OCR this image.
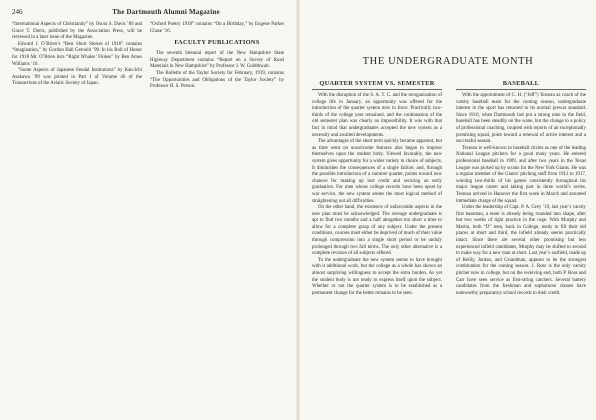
246	The Dartmouth Alumni Magazine

“International Aspects of Christianity” by Osora S. Davis ’89 and Grace T. Davis, published by the Association Press, will be reviewed in a later issue of the Magazine.

Edward J. O’Brien’s “Best Short Stories of 1916” contains “Imagination,” by Gordon Hall Gerould ’99. In his Roll of Honor for 1918 Mr. O’Brien lists “Right Whales’ Flukes” by Ben Ames Williams ’10.

“Some Aspects of Japanese Feudal Institutions” by Kan-Ichi Asakawa ’99 was printed in Part I of Volume 46 of the Transactions of the Asiatic Society of Japan.

“Oxford Poetry 1918” contains “On a Birthday,” by Eugene Parker Chase ’16.

FACULTY PUBLICATIONS

The seventh biennial report of the New Hampshire State Highway Department contains “Report on a Survey of Road Materials in New Hampshire” by Professor J. W. Goldthwait.

The Bulletin of the Taylor Society for February, 1919, contains “The Opportunities and Obligations of the Taylor Society” by Professor H. S. Person.

THE UNDERGRADUATE MONTH
QUARTER SYSTEM VS. SEMESTER

With the disruption of the S. A. T. C. and the reorganization of college life in January, an opportunity was offered for the introduction of the quarter system now in force. Practically two-thirds of the college year remained, and the continuation of the old semester plan was clearly an impossibility. It was with that fact in mind that undergraduates accepted the new system as a necessity and awaited developments.

The advantages of the short term quickly became apparent, but as time went on unwelcome features also began to impress themselves upon the student body. Viewed favorably, the new system gives opportunity for a wider variety in choice of subjects. It diminishes the consequences of a single failure, and, through the possible introduction of a summer quarter, points toward new chances for making up lost credit and securing an early graduation. For men whose college records have been upset by war service, the new system seems the most logical method of straightening out all difficulties.

On the other hand, the existence of unfavorable aspects in the new plan must be acknowledged. The average undergraduate is apt to find two months and a half altogether too short a time to allow for a complete grasp of any subject. Under the present conditions, courses must either be deprived of much of their value through compression into a single short period or be unduly prolonged through two full terms. The only other alternative is a complete revision of all subjects offered.

To the undergraduate the new system seems to have brought with it additional work, but the college as a whole has shown an almost surprising willingness to accept the extra burden. As yet the student body is not ready to express itself upon the subject. Whether or not the quarter system is to be established as a permanent change for the better remains to be seen.

BASEBALL

With the appointment of C. H. (“Jeff”) Tesreau as coach of the varsity baseball team for the coming season, undergraduate interest in the sport has returned to its normal prewar standard. Since 1916, when Dartmouth last put a strong nine in the field, baseball has been steadily on the wane, but the change to a policy of professional coaching, coupled with reports of an exceptionally promising squad, point toward a renewal of active interest and a successful season.

Tesreau is well-known in baseball circles as one of the leading National League pitchers for a good many years. He entered professional baseball in 1909, and after two years in the Texas League was picked up by scouts for the New York Giants. He was a regular member of the Giants’ pitching staff from 1912 to 1917, winning two-thirds of his games consistently throughout his major league career and taking part in three world’s series. Tesreau arrived in Hanover the first week in March and assumed immediate charge of the squad.

Under the leadership of Capt. P. A. Grey ’19, last year’s varsity first baseman, a team is already being rounded into shape, after but two weeks of light practice in the cage. With Murphy and Martin, both “D” men, back in College, ready to fill their old places at short and third, the infield already seems practically intact. Since there are several other promising but less experienced infield candidates, Murphy may be shifted to second to make way for a new man at short. Last year’s outfield, made up of Reilly, Jordan, and Grundman, appears to be the strongest combination for the coming season. J. Ross is the only varsity pitcher now in college, but on the receiving end, both P. Ross and Carr have seen service as first-string catchers. Several battery candidates from the freshman and sophomore classes have noteworthy preparatory school records to their credit.
